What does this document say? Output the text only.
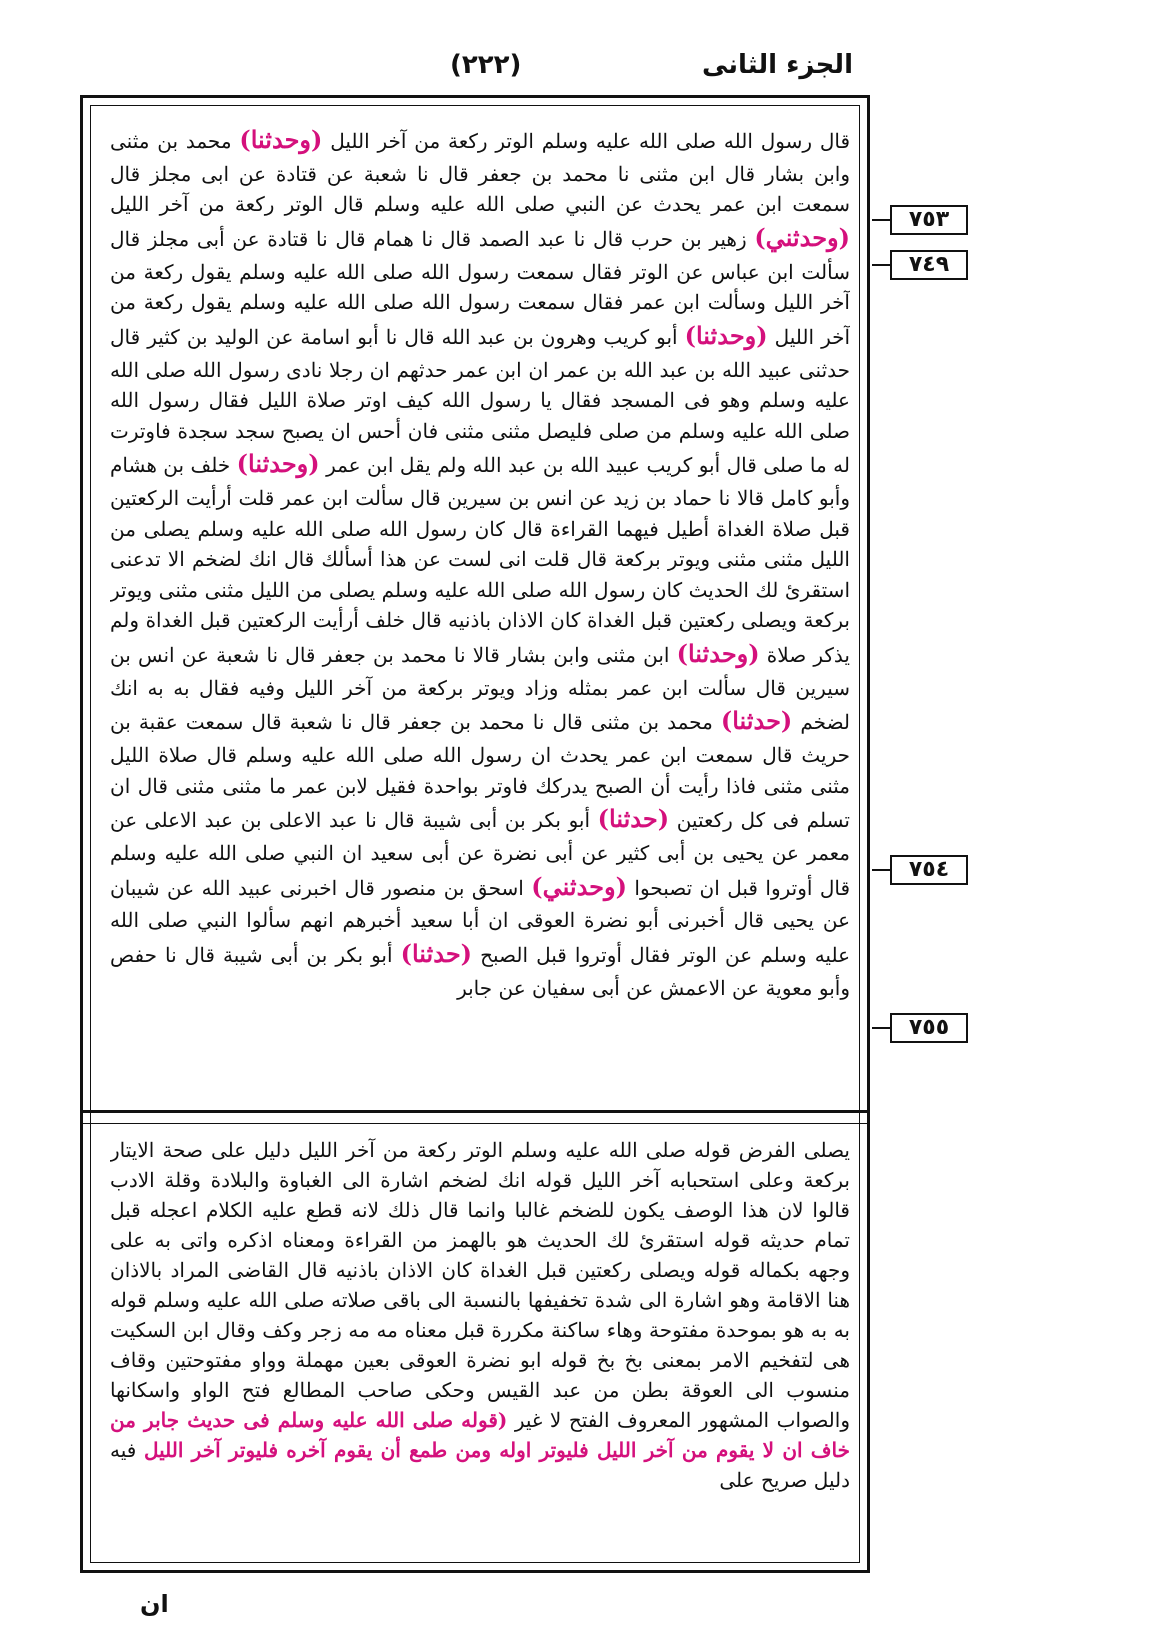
الجزء الثانى
(٢٢٢)
قال رسول الله صلى الله عليه وسلم الوتر ركعة من آخر الليل (وحدثنا) محمد بن مثنى وابن بشار قال ابن مثنى نا محمد بن جعفر قال نا شعبة عن قتادة عن ابى مجلز قال سمعت ابن عمر يحدث عن النبي صلى الله عليه وسلم قال الوتر ركعة من آخر الليل (وحدثني) زهير بن حرب قال نا عبد الصمد قال نا همام قال نا قتادة عن أبى مجلز قال سألت ابن عباس عن الوتر فقال سمعت رسول الله صلى الله عليه وسلم يقول ركعة من آخر الليل وسألت ابن عمر فقال سمعت رسول الله صلى الله عليه وسلم يقول ركعة من آخر الليل (وحدثنا) أبو كريب وهرون بن عبد الله قال نا أبو اسامة عن الوليد بن كثير قال حدثنى عبيد الله بن عبد الله بن عمر ان ابن عمر حدثهم ان رجلا نادى رسول الله صلى الله عليه وسلم وهو فى المسجد فقال يا رسول الله كيف اوتر صلاة الليل فقال رسول الله صلى الله عليه وسلم من صلى فليصل مثنى مثنى فان أحس ان يصبح سجد سجدة فاوترت له ما صلى قال أبو كريب عبيد الله بن عبد الله ولم يقل ابن عمر (وحدثنا) خلف بن هشام وأبو كامل قالا نا حماد بن زيد عن انس بن سيرين قال سألت ابن عمر قلت أرأيت الركعتين قبل صلاة الغداة أطيل فيهما القراءة قال كان رسول الله صلى الله عليه وسلم يصلى من الليل مثنى مثنى ويوتر بركعة قال قلت انى لست عن هذا أسألك قال انك لضخم الا تدعنى استقرئ لك الحديث كان رسول الله صلى الله عليه وسلم يصلى من الليل مثنى مثنى ويوتر بركعة ويصلى ركعتين قبل الغداة كان الاذان باذنيه قال خلف أرأيت الركعتين قبل الغداة ولم يذكر صلاة (وحدثنا) ابن مثنى وابن بشار قالا نا محمد بن جعفر قال نا شعبة عن انس بن سيرين قال سألت ابن عمر بمثله وزاد ويوتر بركعة من آخر الليل وفيه فقال به به انك لضخم (حدثنا) محمد بن مثنى قال نا محمد بن جعفر قال نا شعبة قال سمعت عقبة بن حريث قال سمعت ابن عمر يحدث ان رسول الله صلى الله عليه وسلم قال صلاة الليل مثنى مثنى فاذا رأيت أن الصبح يدركك فاوتر بواحدة فقيل لابن عمر ما مثنى مثنى قال ان تسلم فى كل ركعتين (حدثنا) أبو بكر بن أبى شيبة قال نا عبد الاعلى بن عبد الاعلى عن معمر عن يحيى بن أبى كثير عن أبى نضرة عن أبى سعيد ان النبي صلى الله عليه وسلم قال أوتروا قبل ان تصبحوا (وحدثني) اسحق بن منصور قال اخبرنى عبيد الله عن شيبان عن يحيى قال أخبرنى أبو نضرة العوقى ان أبا سعيد أخبرهم انهم سألوا النبي صلى الله عليه وسلم عن الوتر فقال أوتروا قبل الصبح (حدثنا) أبو بكر بن أبى شيبة قال نا حفص وأبو معوية عن الاعمش عن أبى سفيان عن جابر
يصلى الفرض قوله صلى الله عليه وسلم الوتر ركعة من آخر الليل دليل على صحة الايتار بركعة وعلى استحبابه آخر الليل قوله انك لضخم اشارة الى الغباوة والبلادة وقلة الادب قالوا لان هذا الوصف يكون للضخم غالبا وانما قال ذلك لانه قطع عليه الكلام اعجله قبل تمام حديثه قوله استقرئ لك الحديث هو بالهمز من القراءة ومعناه اذكره واتى به على وجهه بكماله قوله ويصلى ركعتين قبل الغداة كان الاذان باذنيه قال القاضى المراد بالاذان هنا الاقامة وهو اشارة الى شدة تخفيفها بالنسبة الى باقى صلاته صلى الله عليه وسلم قوله به به هو بموحدة مفتوحة وهاء ساكنة مكررة قبل معناه مه مه زجر وكف وقال ابن السكيت هى لتفخيم الامر بمعنى بخ بخ قوله ابو نضرة العوقى بعين مهملة وواو مفتوحتين وقاف منسوب الى العوقة بطن من عبد القيس وحكى صاحب المطالع فتح الواو واسكانها والصواب المشهور المعروف الفتح لا غير (قوله صلى الله عليه وسلم فى حديث جابر من خاف ان لا يقوم من آخر الليل فليوتر اوله ومن طمع أن يقوم آخره فليوتر آخر الليل فيه دليل صريح على
٧٥٣
٧٤٩
٧٥٤
٧٥٥
ان
